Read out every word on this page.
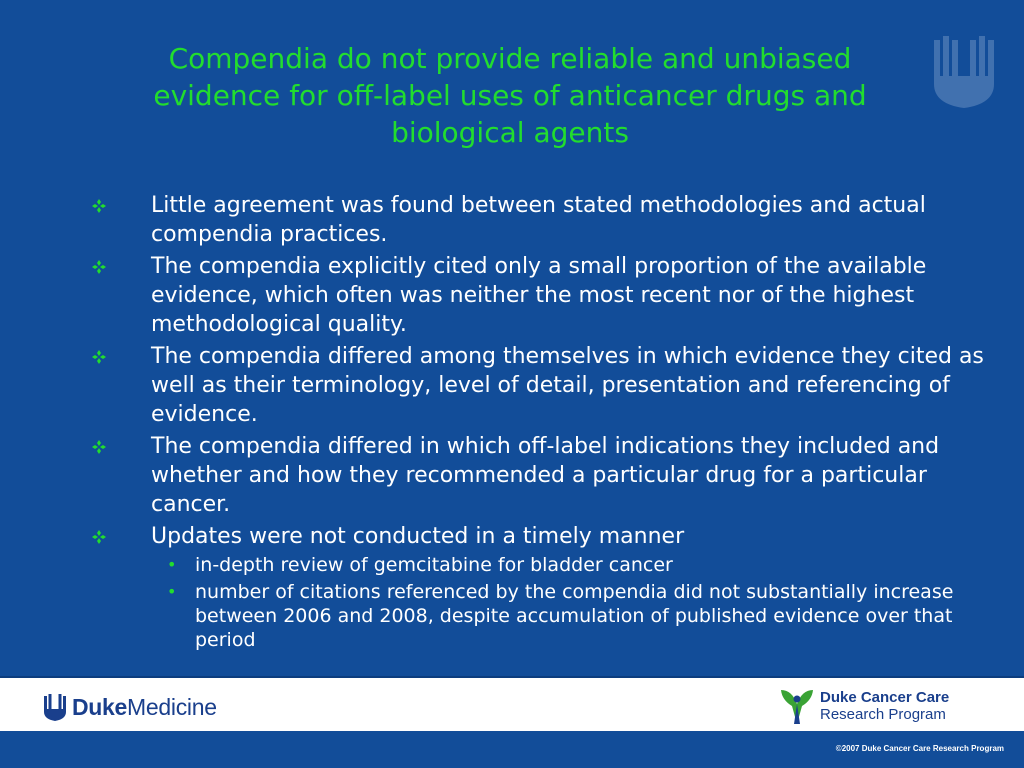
Compendia do not provide reliable and unbiased evidence for off-label uses of anticancer drugs and biological agents
Little agreement was found between stated methodologies and actual compendia practices.
The compendia explicitly cited only a small proportion of the available evidence, which often was neither the most recent nor of the highest methodological quality.
The compendia differed among themselves in which evidence they cited as well as their terminology, level of detail, presentation and referencing of evidence.
The compendia differed in which off-label indications they included and whether and how they recommended a particular drug for a particular cancer.
Updates were not conducted in a timely manner
• in-depth review of gemcitabine for bladder cancer
• number of citations referenced by the compendia did not substantially increase between 2006 and 2008, despite accumulation of published evidence over that period
Duke Medicine	Duke Cancer Care
Research Program
©2007 Duke Cancer Care Research Program
